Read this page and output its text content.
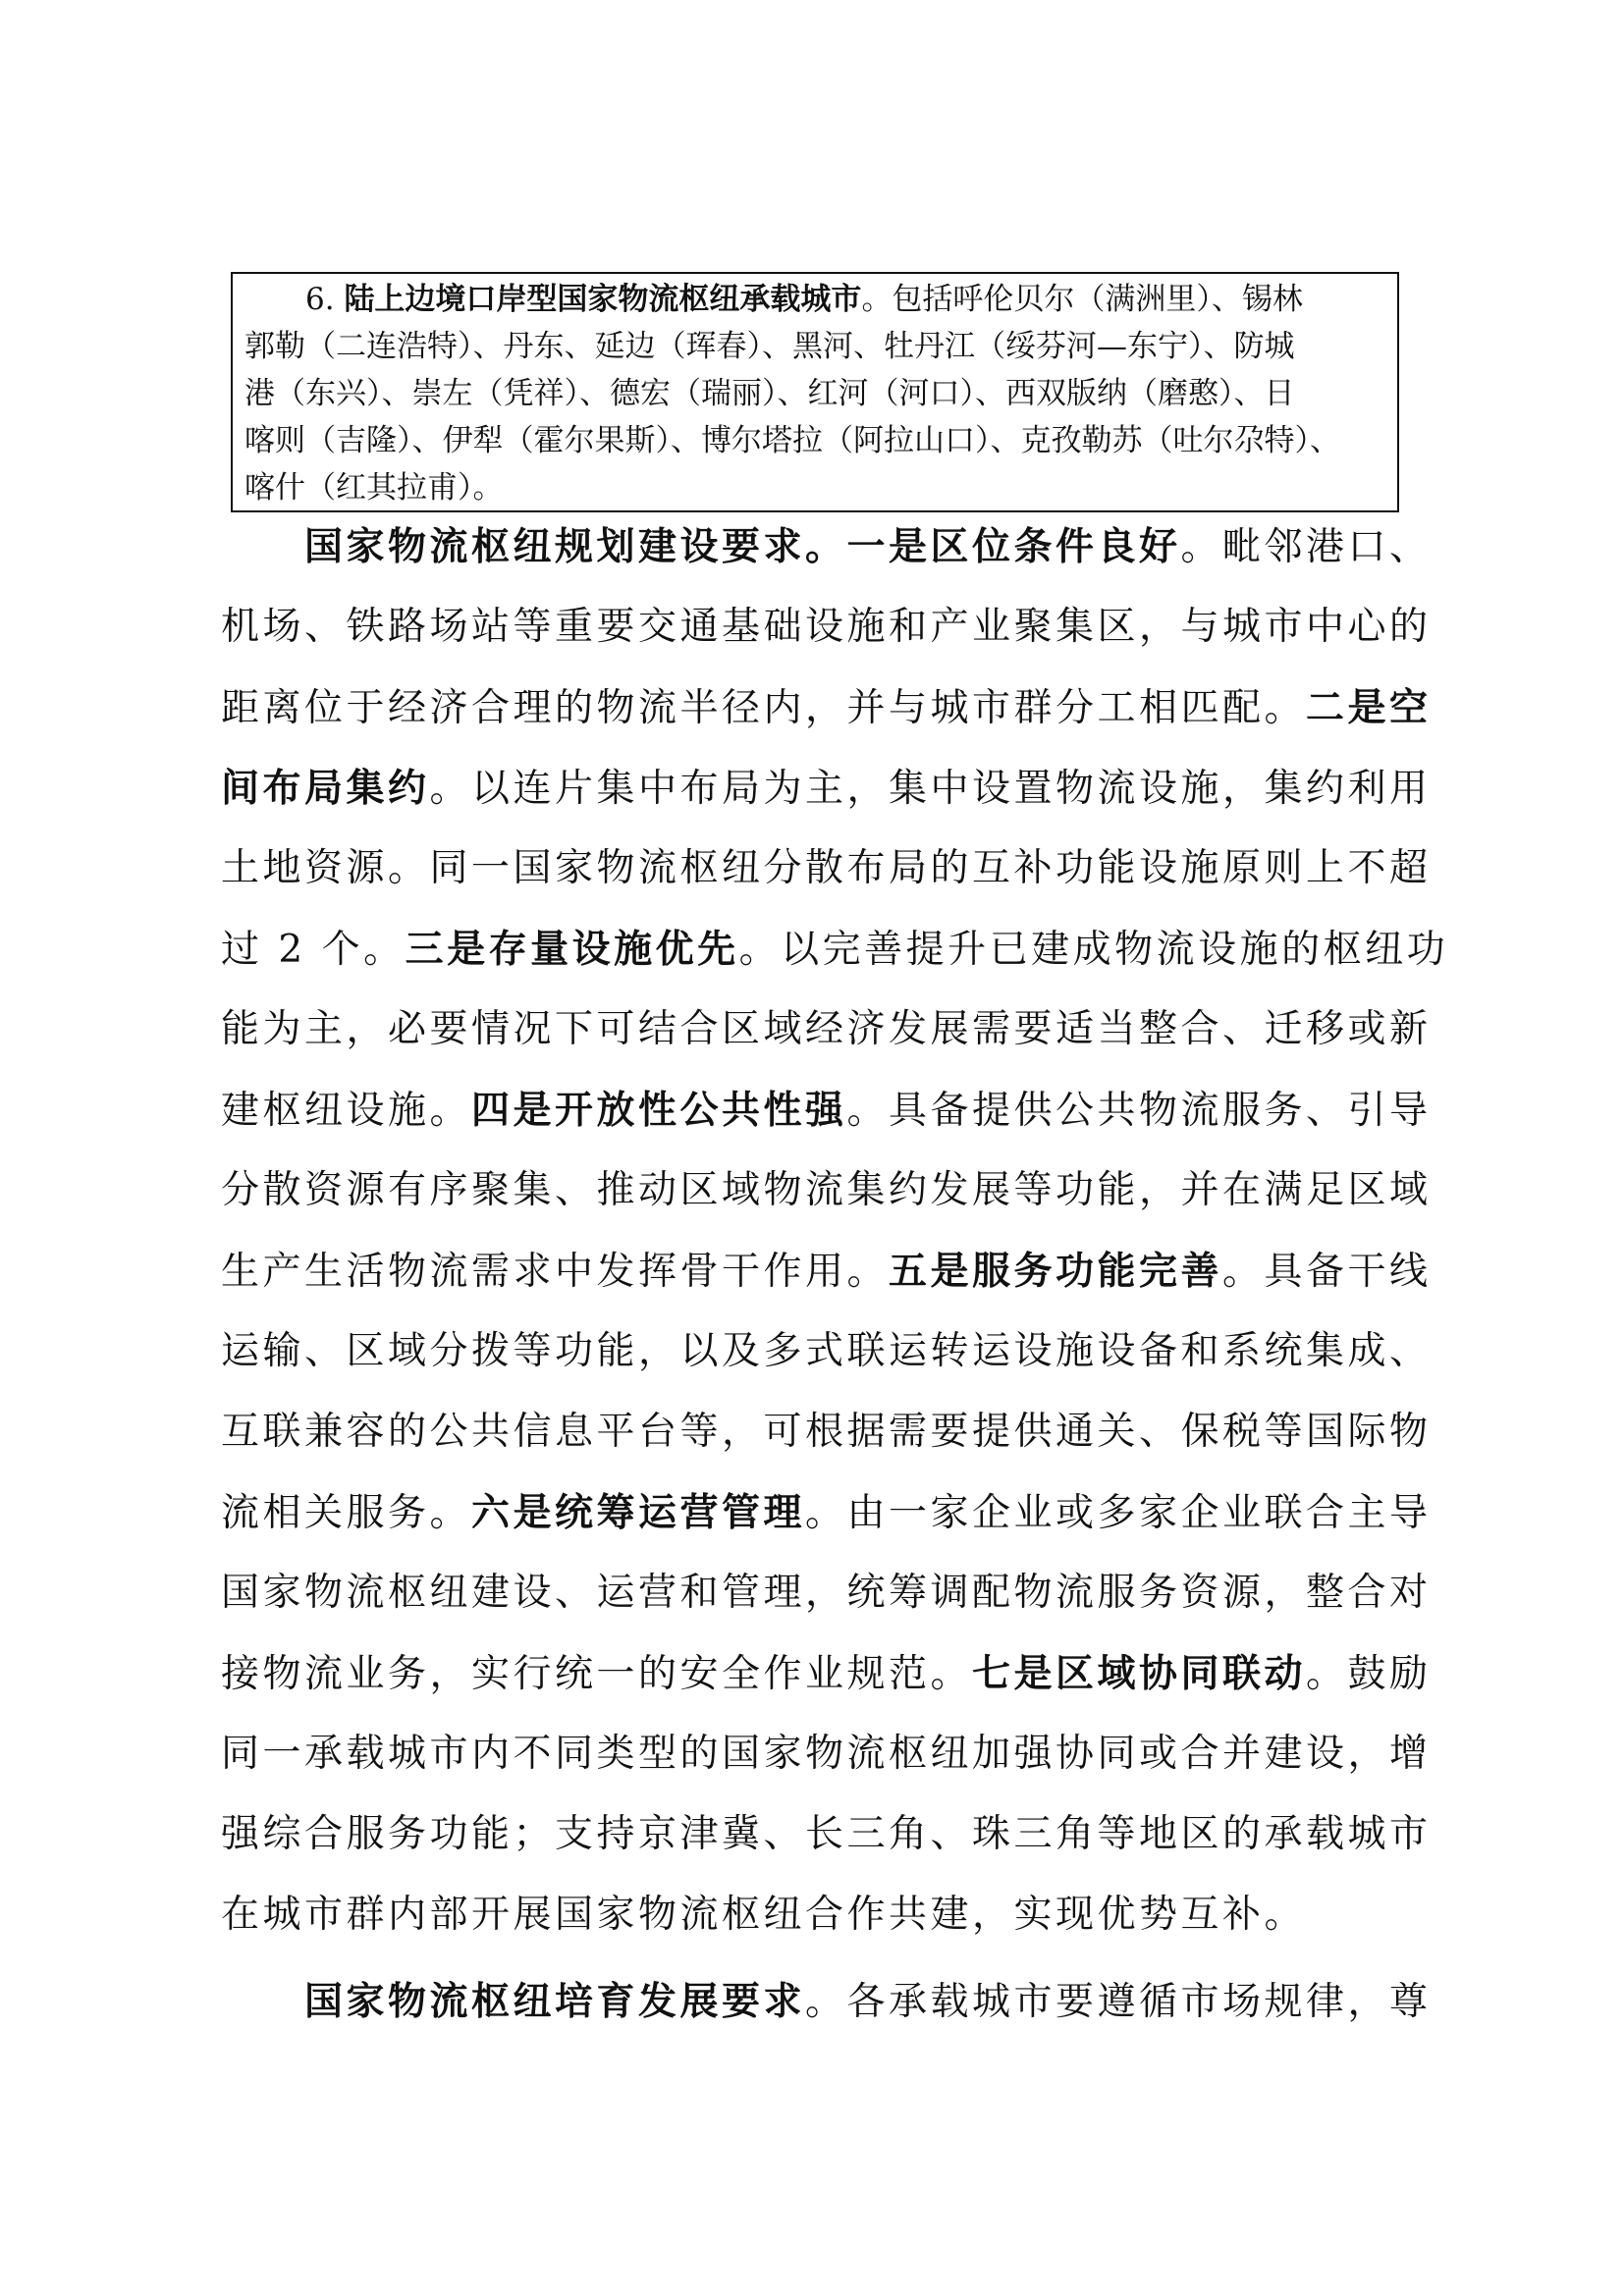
6. 陆上边境口岸型国家物流枢纽承载城市。包括呼伦贝尔（满洲里）、锡林
郭勒（二连浩特）、丹东、延边（珲春）、黑河、牡丹江（绥芬河—东宁）、防城
港（东兴）、崇左（凭祥）、德宏（瑞丽）、红河（河口）、西双版纳（磨憨）、日
喀则（吉隆）、伊犁（霍尔果斯）、博尔塔拉（阿拉山口）、克孜勒苏（吐尔尕特）、
喀什（红其拉甫）。
国家物流枢纽规划建设要求。一是区位条件良好。毗邻港口、
机场、铁路场站等重要交通基础设施和产业聚集区，与城市中心的
距离位于经济合理的物流半径内，并与城市群分工相匹配。二是空
间布局集约。以连片集中布局为主，集中设置物流设施，集约利用
土地资源。同一国家物流枢纽分散布局的互补功能设施原则上不超
过 2 个。三是存量设施优先。以完善提升已建成物流设施的枢纽功
能为主，必要情况下可结合区域经济发展需要适当整合、迁移或新
建枢纽设施。四是开放性公共性强。具备提供公共物流服务、引导
分散资源有序聚集、推动区域物流集约发展等功能，并在满足区域
生产生活物流需求中发挥骨干作用。五是服务功能完善。具备干线
运输、区域分拨等功能，以及多式联运转运设施设备和系统集成、
互联兼容的公共信息平台等，可根据需要提供通关、保税等国际物
流相关服务。六是统筹运营管理。由一家企业或多家企业联合主导
国家物流枢纽建设、运营和管理，统筹调配物流服务资源，整合对
接物流业务，实行统一的安全作业规范。七是区域协同联动。鼓励
同一承载城市内不同类型的国家物流枢纽加强协同或合并建设，增
强综合服务功能；支持京津冀、长三角、珠三角等地区的承载城市
在城市群内部开展国家物流枢纽合作共建，实现优势互补。
国家物流枢纽培育发展要求。各承载城市要遵循市场规律，尊
